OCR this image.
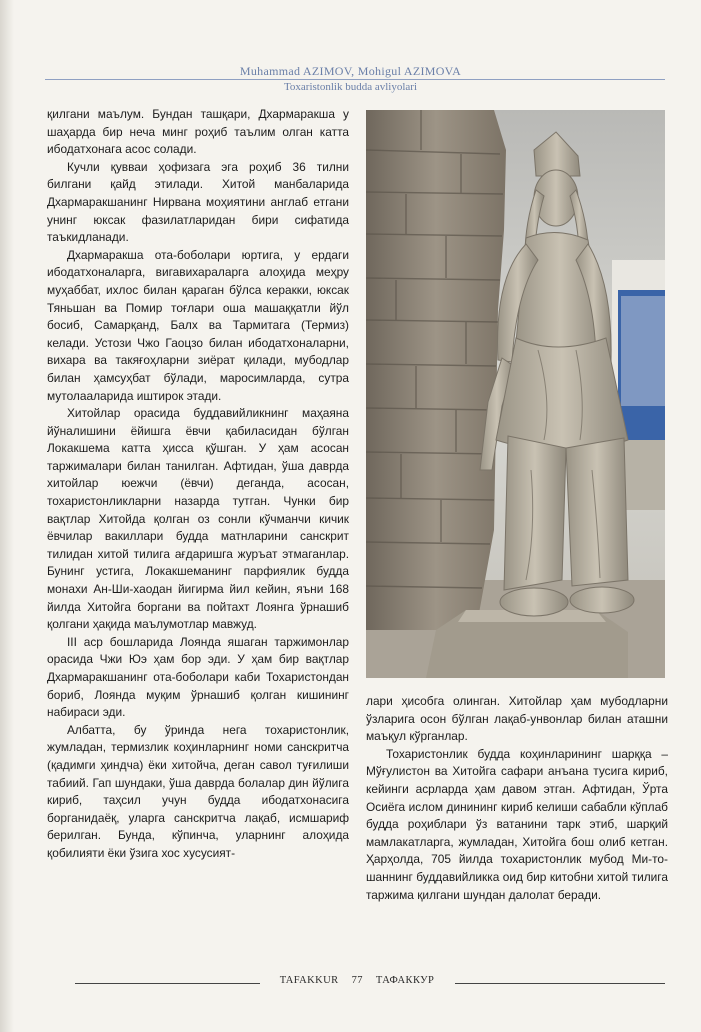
Muhammad AZIMOV, Mohigul AZIMOVA
Toxaristonlik budda avliyolari

қилгани маълум. Бундан ташқари, Дхармаракша у шаҳарда бир неча минг роҳиб таълим олган катта ибодатхонага асос солади.

Кучли қувваи ҳофизага эга роҳиб 36 тилни билгани қайд этилади. Хитой манбаларида Дхармаракшанинг Нирвана моҳиятини англаб етгани унинг юксак фазилатларидан бири сифатида таъкидланади.

Дхармаракша ота-боболари юртига, у ердаги ибодатхоналарга, вигавихараларга алоҳида меҳру муҳаббат, ихлос билан қараган бўлса керакки, юксак Тяньшан ва Помир тоғлари оша машаққатли йўл босиб, Самарқанд, Балх ва Тармитага (Термиз) келади. Устози Чжо Гаоцзо билан ибодатхоналарни, вихара ва такяғоҳларни зиёрат қилади, мубодлар билан ҳамсуҳбат бўлади, маросимларда, сутра мутолааларида иштирок этади.

Хитойлар орасида буддавийликнинг маҳаяна йўналишини ёйишга ёвчи қабиласидан бўлган Локакшема катта ҳисса қўшган. У ҳам асосан таржималари билан танилган. Афтидан, ўша даврда хитойлар юежчи (ёвчи) деганда, асосан, тохаристонликларни назарда тутган. Чунки бир вақтлар Хитойда қолган оз сонли кўчманчи кичик ёвчилар вакиллари будда матнларини санскрит тилидан хитой тилига ағдаришга журъат этмаганлар. Бунинг устига, Локакшеманинг парфиялик будда монахи Ан-Ши-хаодан йигирма йил кейин, яъни 168 йилда Хитойга боргани ва пойтахт Лоянга ўрнашиб қолгани ҳақида маълумотлар мавжуд.

III аср бошларида Лоянда яшаган таржимонлар орасида Чжи Юэ ҳам бор эди. У ҳам бир вақтлар Дхармаракшанинг ота-боболари каби Тохаристондан бориб, Лоянда муқим ўрнашиб қолган кишининг набираси эди.

Албатта, бу ўринда нега тохаристонлик, жумладан, термизлик коҳинларнинг номи санскритча (қадимги ҳиндча) ёки хитойча, деган савол туғилиши табиий. Гап шундаки, ўша даврда болалар дин йўлига кириб, таҳсил учун будда ибодатхонасига борганидаёқ, уларга санскритча лақаб, исмшариф берилган. Бунда, кўпинча, уларнинг алоҳида қобилияти ёки ўзига хос хусусият-

лари ҳисобга олинган. Хитойлар ҳам мубодларни ўзларига осон бўлган лақаб-унвонлар билан аташни маъқул кўрганлар.

Тохаристонлик будда коҳинларининг шарққа – Мўғулистон ва Хитойга сафари анъана тусига кириб, кейинги асрларда ҳам давом этган. Афтидан, Ўрта Осиёга ислом динининг кириб келиши сабабли кўплаб будда роҳиблари ўз ватанини тарк этиб, шарқий мамлакатларга, жумладан, Хитойга бош олиб кетган. Ҳарҳолда, 705 йилда тохаристонлик мубод Ми-то-шаннинг буддавийликка оид бир китобни хитой тилига таржима қилгани шундан далолат беради.

TAFAKKUR 77 ТАФАККУР
